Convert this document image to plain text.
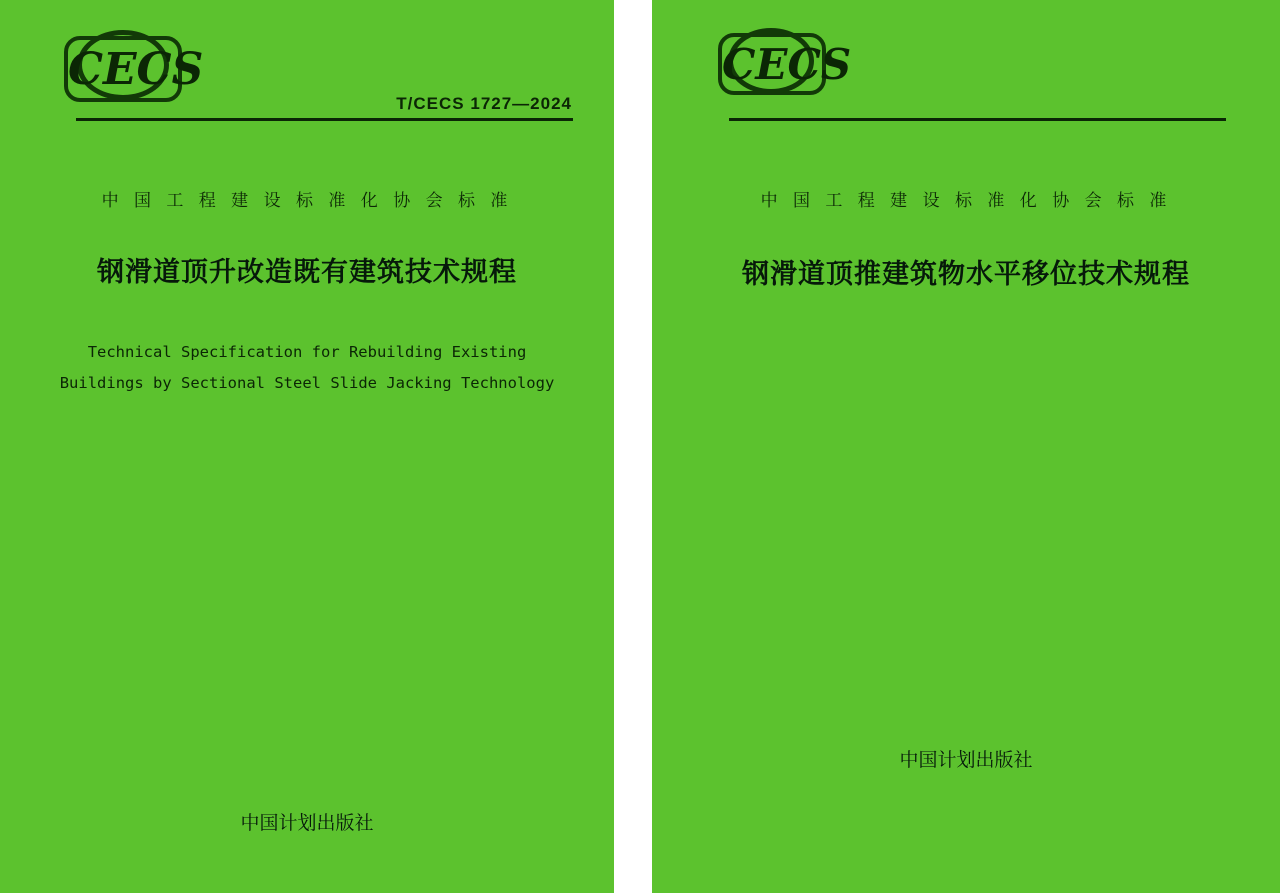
CECS
T/CECS 1727—2024
中 国 工 程 建 设 标 准 化 协 会 标 准
钢滑道顶升改造既有建筑技术规程
Technical Specification for Rebuilding Existing
Buildings by Sectional Steel Slide Jacking Technology
中国计划出版社
CECS
中 国 工 程 建 设 标 准 化 协 会 标 准
钢滑道顶推建筑物水平移位技术规程
中国计划出版社
